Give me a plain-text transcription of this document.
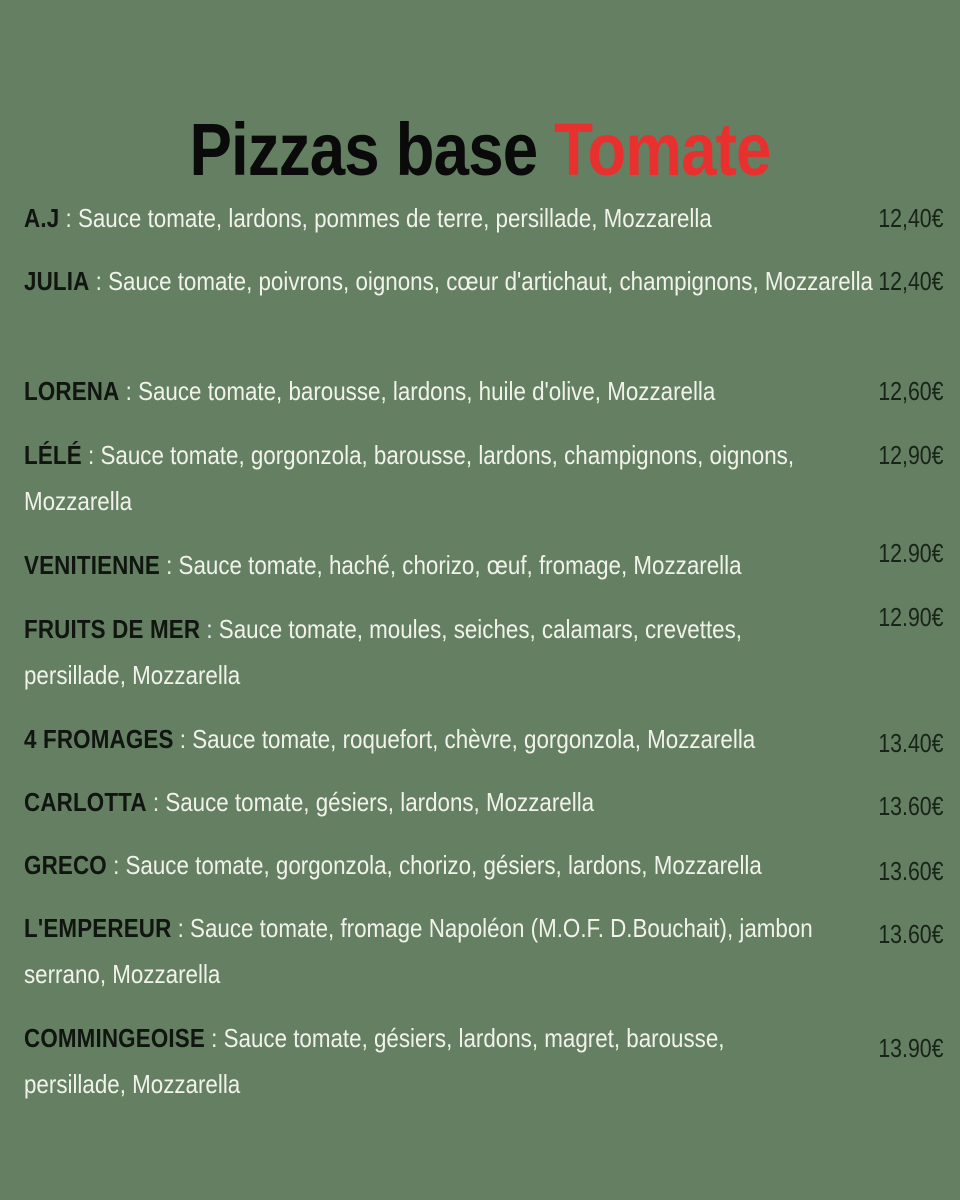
Pizzas base Tomate
A.J : Sauce tomate, lardons, pommes de terre, persillade, Mozzarella	12,40€
JULIA : Sauce tomate, poivrons, oignons, cœur d'artichaut, champignons, Mozzarella 12,40€
LORENA : Sauce tomate, barousse, lardons, huile d'olive, Mozzarella	12,60€
LÉLÉ : Sauce tomate, gorgonzola, barousse, lardons, champignons, oignons, Mozzarella
12,90€
VENITIENNE : Sauce tomate, haché, chorizo, œuf, fromage, Mozzarella	12.90€
FRUITS DE MER : Sauce tomate, moules, seiches, calamars, crevettes, persillade, Mozzarella
12.90€
4 FROMAGES : Sauce tomate, roquefort, chèvre, gorgonzola, Mozzarella	13.40€
CARLOTTA : Sauce tomate, gésiers, lardons, Mozzarella	13.60€
GRECO : Sauce tomate, gorgonzola, chorizo, gésiers, lardons, Mozzarella	13.60€
L'EMPEREUR : Sauce tomate, fromage Napoléon (M.O.F. D.Bouchait), jambon serrano, Mozzarella
13.60€
COMMINGEOISE : Sauce tomate, gésiers, lardons, magret, barousse, persillade, Mozzarella
13.90€
